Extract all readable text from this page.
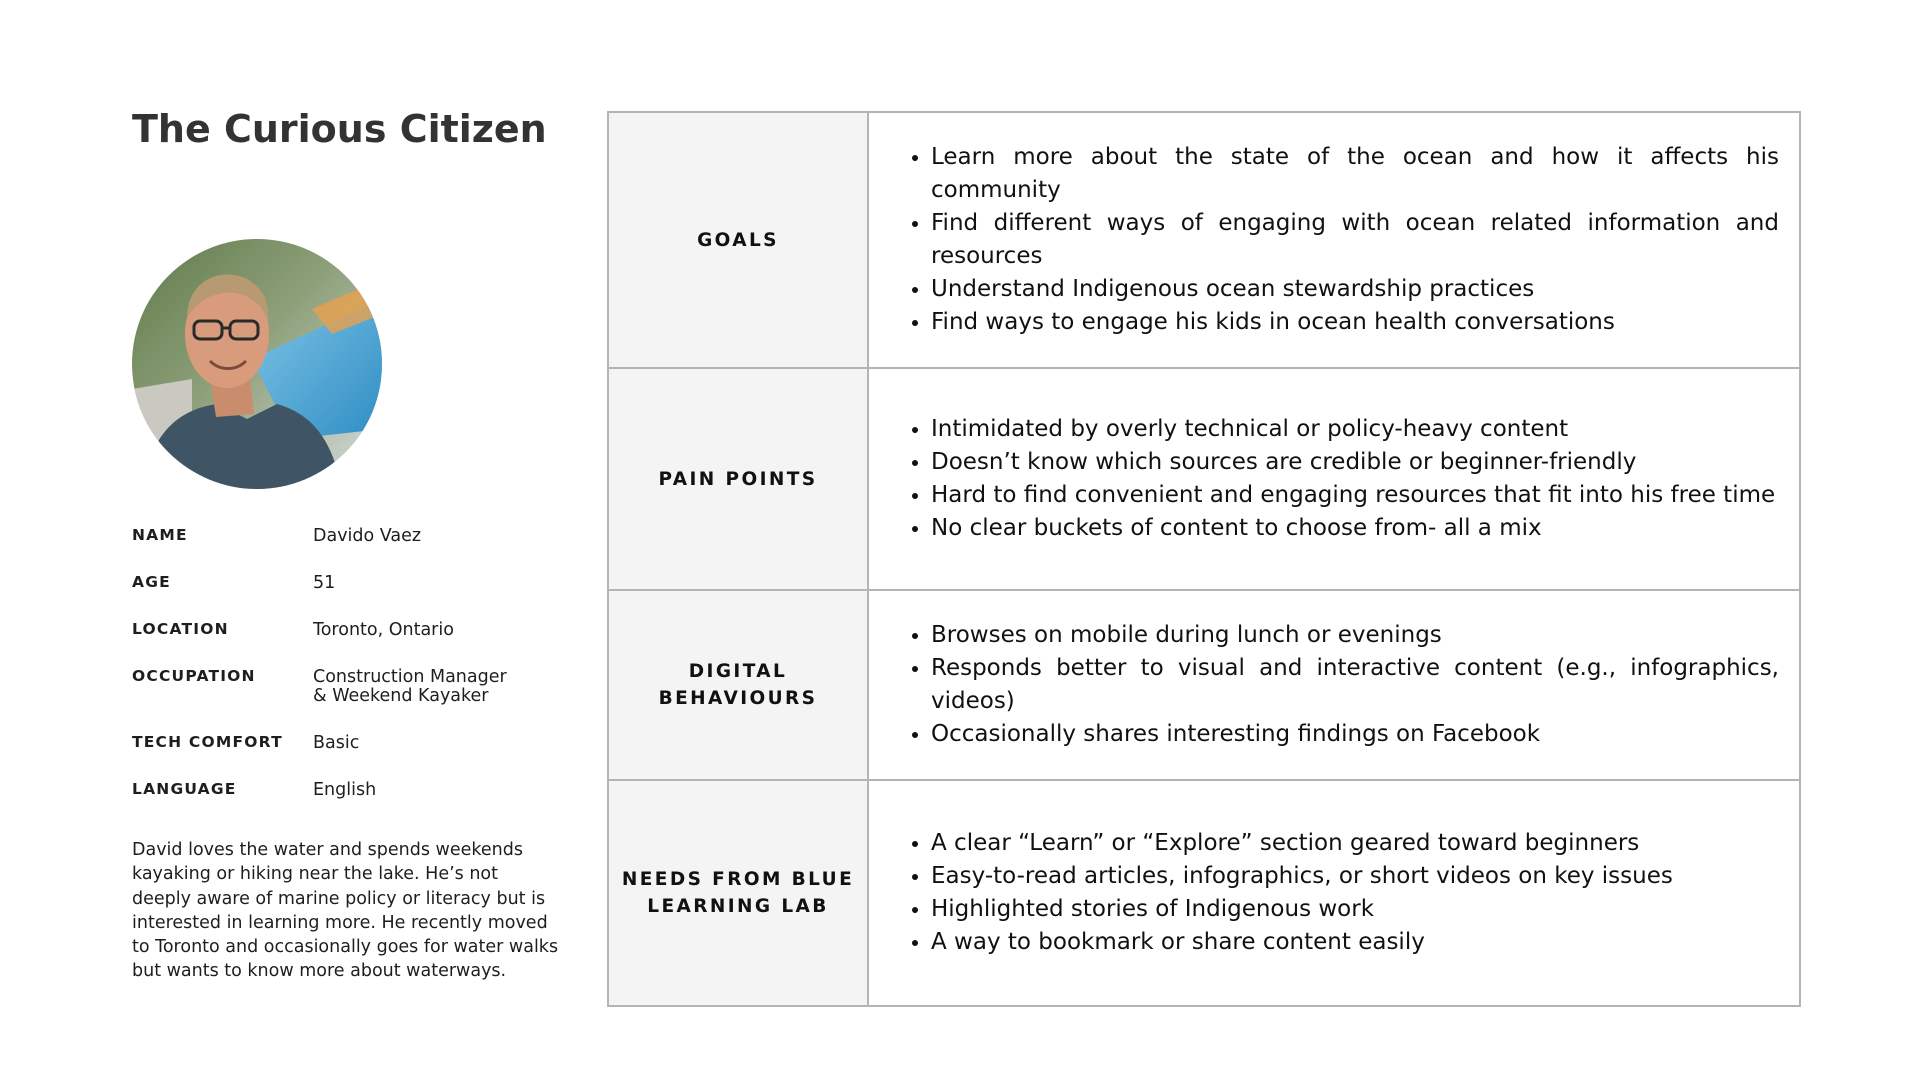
The Curious Citizen
NAME	Davido Vaez
AGE	51
LOCATION	Toronto, Ontario
OCCUPATION	Construction Manager
& Weekend Kayaker
TECH COMFORT	Basic
LANGUAGE	English

David loves the water and spends weekends kayaking or hiking near the lake. He’s not deeply aware of marine policy or literacy but is interested in learning more. He recently moved to Toronto and occasionally goes for water walks but wants to know more about waterways.

GOALS
• Learn more about the state of the ocean and how it affects his community
• Find different ways of engaging with ocean related information and resources
• Understand Indigenous ocean stewardship practices
• Find ways to engage his kids in ocean health conversations
PAIN POINTS
• Intimidated by overly technical or policy-heavy content
• Doesn’t know which sources are credible or beginner-friendly
• Hard to find convenient and engaging resources that fit into his free time
• No clear buckets of content to choose from- all a mix
DIGITAL
BEHAVIOURS
• Browses on mobile during lunch or evenings
• Responds better to visual and interactive content (e.g., infographics, videos)
• Occasionally shares interesting findings on Facebook
NEEDS FROM BLUE
LEARNING LAB
• A clear “Learn” or “Explore” section geared toward beginners
• Easy-to-read articles, infographics, or short videos on key issues
• Highlighted stories of Indigenous work
• A way to bookmark or share content easily
